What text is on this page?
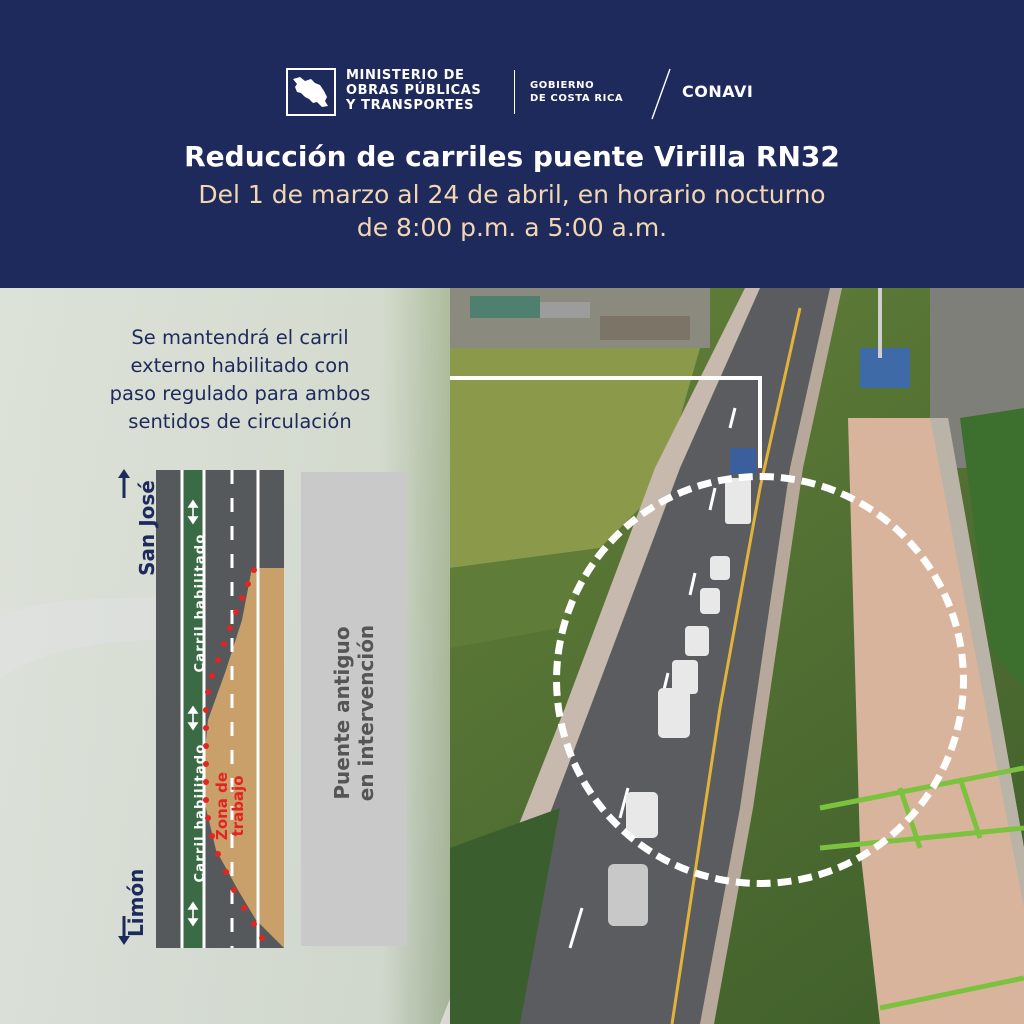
MINISTERIO DE
OBRAS PÚBLICAS
Y TRANSPORTES
GOBIERNO
DE COSTA RICA	CONAVI
Reducción de carriles puente Virilla RN32
Del 1 de marzo al 24 de abril, en horario nocturno
de 8:00 p.m. a 5:00 a.m.
Se mantendrá el carril
externo habilitado con
paso regulado para ambos
sentidos de circulación
San José
Limón
Carril habilitado
Carril habilitado Zona de
trabajo
Puente antiguo en intervención
